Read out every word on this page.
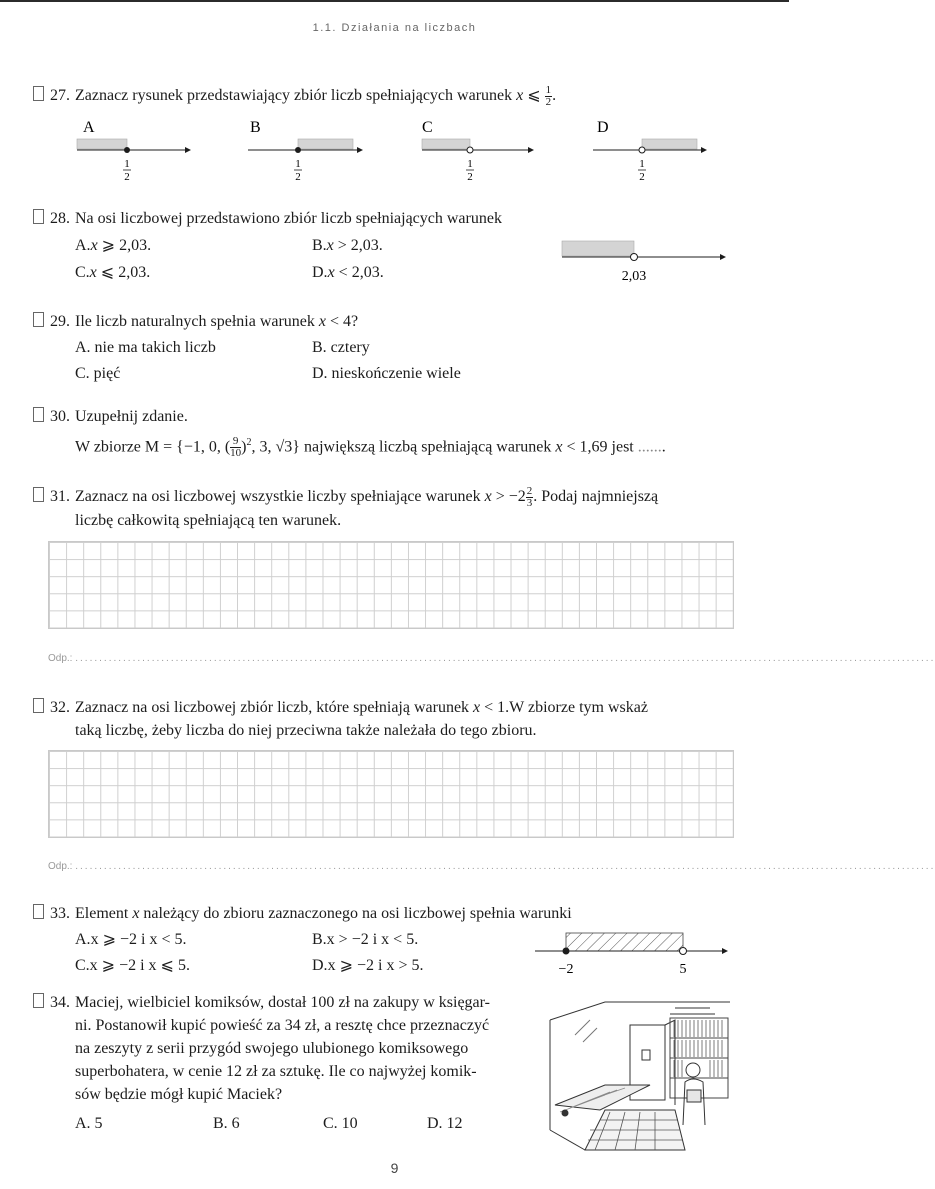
1.1. Działania na liczbach
27. Zaznacz rysunek przedstawiający zbiór liczb spełniających warunek x ⩽ $\frac{1}{2}$ .
A
1
2
B
1
2
C
1
2
D
1
2
28. Na osi liczbowej przedstawiono zbiór liczb spełniających warunek
A.x ⩾ 2,03.	B.x > 2,03.
C.x ⩽ 2,03.	D.x < 2,03.	2,03
29. Ile liczb naturalnych spełnia warunek x < 4?
A. nie ma takich liczb	B. cztery
C. pięć	D. nieskończenie wiele
30. Uzupełnij zdanie.
W zbiorze M = {−1, 0, ( $\frac{9}{10} )^2$, 3, √3} największą liczbą spełniającą warunek x < 1,69 jest .......
31. Zaznacz na osi liczbowej wszystkie liczby spełniające warunek $x > -2 \frac{2}{3}$ . Podaj najmniejszą
liczbę całkowitą spełniającą ten warunek.
Odp.: ....................................................................................................................................................................................
32. Zaznacz na osi liczbowej zbiór liczb, które spełniają warunek x < 1.W zbiorze tym wskaż
taką liczbę, żeby liczba do niej przeciwna także należała do tego zbioru.
Odp.: ....................................................................................................................................................................................
33. Element x należący do zbioru zaznaczonego na osi liczbowej spełnia warunki
A.x ⩾ −2 i x < 5.	B.x > −2 i x < 5.
C.x ⩾ −2 i x ⩽ 5.	D.x ⩾ −2 i x > 5.	−2	5
34. Maciej, wielbiciel komiksów, dostał 100 zł na zakupy w księgar-
ni. Postanowił kupić powieść za 34 zł, a resztę chce przeznaczyć
na zeszyty z serii przygód swojego ulubionego komiksowego
superbohatera, w cenie 12 zł za sztukę. Ile co najwyżej komik-
sów będzie mógł kupić Maciek?
A. 5	B. 6	C. 10	D. 12
9
